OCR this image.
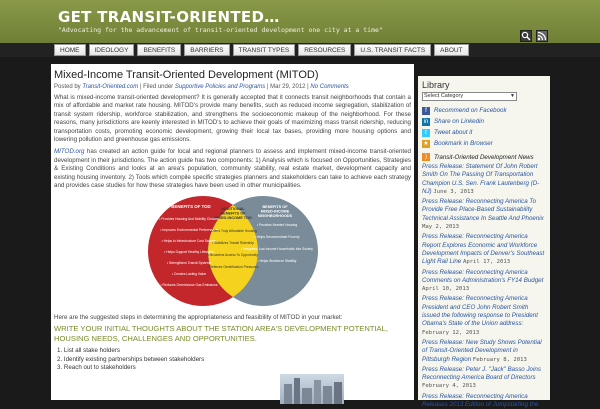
GET TRANSIT-ORIENTED…
"Advocating for the advancement of transit-oriented development one city at a time"
HOME	IDEOLOGY	BENEFITS	BARRIERS	TRANSIT TYPES	RESOURCES	U.S. TRANSIT FACTS	ABOUT
Mixed-Income Transit-Oriented Development (MITOD)
Posted by Transit-Oriented.com | Filed under Supportive Policies and Programs | Mar 29, 2012 | No Comments

What is mixed-income transit-oriented development? It is generally accepted that it connects transit neighborhoods that contain a mix of affordable and market rate housing. MITOD's provide many benefits, such as reduced income segregation, stabilization of transit system ridership, workforce stabilization, and strengthens the socioeconomic makeup of the neighborhood. For these reasons, many jurisdictions are keenly interested in MITOD's to achieve their goals of maximizing mass transit ridership, reducing transportation costs, promoting economic development, growing their local tax bases, providing more housing options and lowering pollution and greenhouse gas emissions.

MITOD.org has created an action guide for local and regional planners to assess and implement mixed-income transit-oriented development in their jurisdictions. The action guide has two components: 1) Analysis which is focused on Opportunities, Strategies & Existing Conditions and looks at an area's population, community stability, real estate market, development capacity and existing housing inventory. 2) Tools which compile specific strategies planners and stakeholders can take to achieve each strategy and provides case studies for how these strategies have been used in other municipalities.

BENEFITS OF TOD	ADDITIONAL BENEFITS OF MIXED-INCOME TOD
BENEFITS OF MIXED-INCOME NEIGHBORHOODS
• Provides Housing And Mobility Choices
• Improves Environmental Performance
• Helps to Infrastructure Cost Savings
• Helps Support Healthy Lifestyles
• Strengthens Transit Systems
• Creates Lasting Value
• Reduces Greenhouse Gas Emissions
• Offers Truly Affordable Housing
• Stabilizes Transit Ridership
• Broadens Access To Opportunity
• Relieves Gentrification Pressures
• Provides Needed Housing
• Helps Deconcentrate Poverty
• Integrates Low Income Households Into Society
• Helps Workforce Stability

Here are the suggested steps in determining the appropriateness and feasibility of MITOD in your market:

WRITE YOUR INITIAL THOUGHTS ABOUT THE STATION AREA'S DEVELOPMENT POTENTIAL, HOUSING NEEDS, CHALLENGES AND OPPORTUNITIES.
1. List all stake holders
2. Identify existing partnerships between stakeholders
3. Reach out to stakeholders
Library
Select Category	▼
f	Recommend on Facebook
in Share on Linkedin
t	Tweet about it
★ Bookmark in Browser
)	Transit-Oriented Development News
Press Release: Statement Of John Robert Smith On The Passing Of Transportation Champion U.S. Sen. Frank Lautenberg (D-NJ) June 3, 2013
Press Release: Reconnecting America To Provide Free Place-Based Sustainability Technical Assistance In Seattle And Phoenix May 2, 2013
Press Release: Reconnecting America Report Explores Economic and Workforce Development Impacts of Denver's Southeast Light Rail Line April 17, 2013
Press Release: Reconnecting America Comments on Administration's FY14 Budget April 10, 2013
Press Release: Reconnecting America President and CEO John Robert Smith issued the following response to President Obama's State of the Union address: February 12, 2013
Press Release: New Study Shows Potential of Transit-Oriented Development in Pittsburgh Region February 8, 2013
Press Release: Peter J. "Jack" Basso Joins Reconnecting America Board of Directors February 4, 2013
Press Release: Reconnecting America Releases 2013 Edition of Jumpstarting the
